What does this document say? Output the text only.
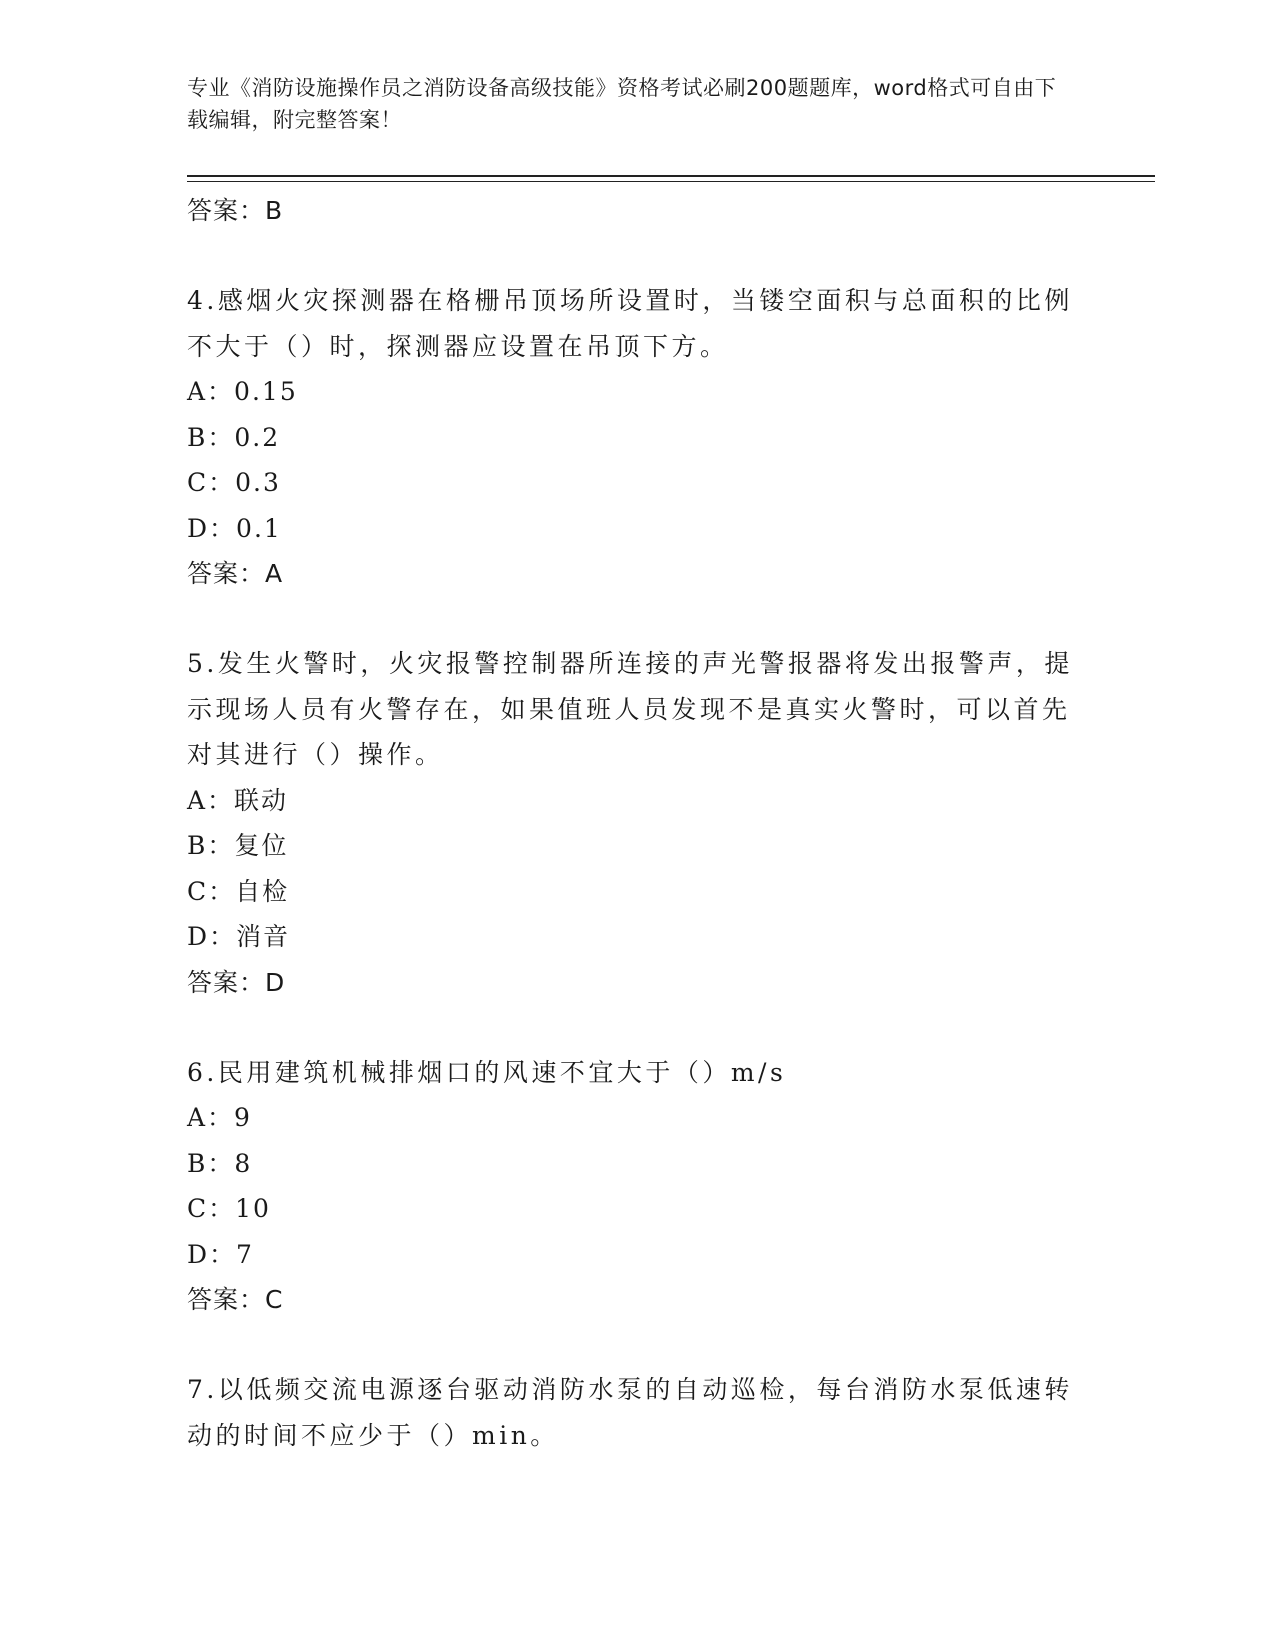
专业《消防设施操作员之消防设备高级技能》资格考试必刷200题题库，word格式可自由下载编辑，附完整答案！
答案：B
4.感烟火灾探测器在格栅吊顶场所设置时，当镂空面积与总面积的比例不大于（）时，探测器应设置在吊顶下方。
A：0.15
B：0.2
C：0.3
D：0.1
答案：A
5.发生火警时，火灾报警控制器所连接的声光警报器将发出报警声，提示现场人员有火警存在，如果值班人员发现不是真实火警时，可以首先对其进行（）操作。
A：联动
B：复位
C：自检
D：消音
答案：D
6.民用建筑机械排烟口的风速不宜大于（）m/s
A：9
B：8
C：10
D：7
答案：C
7.以低频交流电源逐台驱动消防水泵的自动巡检，每台消防水泵低速转动的时间不应少于（）min。
